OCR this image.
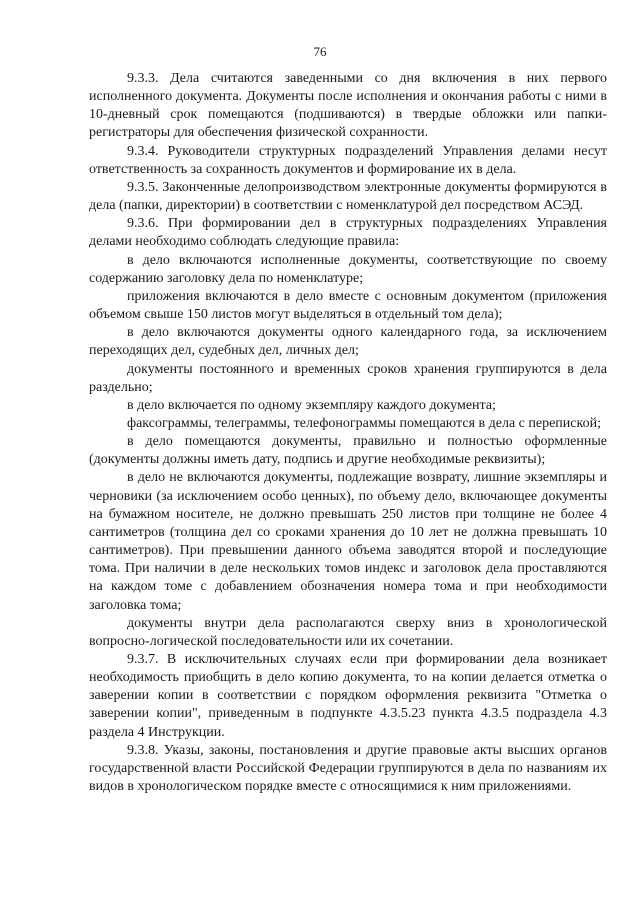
76

9.3.3. Дела считаются заведенными со дня включения в них первого исполненного документа. Документы после исполнения и окончания работы с ними в 10-дневный срок помещаются (подшиваются) в твердые обложки или папки-регистраторы для обеспечения физической сохранности.

9.3.4. Руководители структурных подразделений Управления делами несут ответственность за сохранность документов и формирование их в дела.

9.3.5. Законченные делопроизводством электронные документы формируются в дела (папки, директории) в соответствии с номенклатурой дел посредством АСЭД.

9.3.6. При формировании дел в структурных подразделениях Управления делами необходимо соблюдать следующие правила:

в дело включаются исполненные документы, соответствующие по своему содержанию заголовку дела по номенклатуре;

приложения включаются в дело вместе с основным документом (приложения объемом свыше 150 листов могут выделяться в отдельный том дела);

в дело включаются документы одного календарного года, за исключением переходящих дел, судебных дел, личных дел;

документы постоянного и временных сроков хранения группируются в дела раздельно;

в дело включается по одному экземпляру каждого документа;

факсограммы, телеграммы, телефонограммы помещаются в дела с перепиской;

в дело помещаются документы, правильно и полностью оформленные (документы должны иметь дату, подпись и другие необходимые реквизиты);

в дело не включаются документы, подлежащие возврату, лишние экземпляры и черновики (за исключением особо ценных), по объему дело, включающее документы на бумажном носителе, не должно превышать 250 листов при толщине не более 4 сантиметров (толщина дел со сроками хранения до 10 лет не должна превышать 10 сантиметров). При превышении данного объема заводятся второй и последующие тома. При наличии в деле нескольких томов индекс и заголовок дела проставляются на каждом томе с добавлением обозначения номера тома и при необходимости заголовка тома;

документы внутри дела располагаются сверху вниз в хронологической вопросно-логической последовательности или их сочетании.

9.3.7. В исключительных случаях если при формировании дела возникает необходимость приобщить в дело копию документа, то на копии делается отметка о заверении копии в соответствии с порядком оформления реквизита "Отметка о заверении копии", приведенным в подпункте 4.3.5.23 пункта 4.3.5 подраздела 4.3 раздела 4 Инструкции.

9.3.8. Указы, законы, постановления и другие правовые акты высших органов государственной власти Российской Федерации группируются в дела по названиям их видов в хронологическом порядке вместе с относящимися к ним приложениями.
